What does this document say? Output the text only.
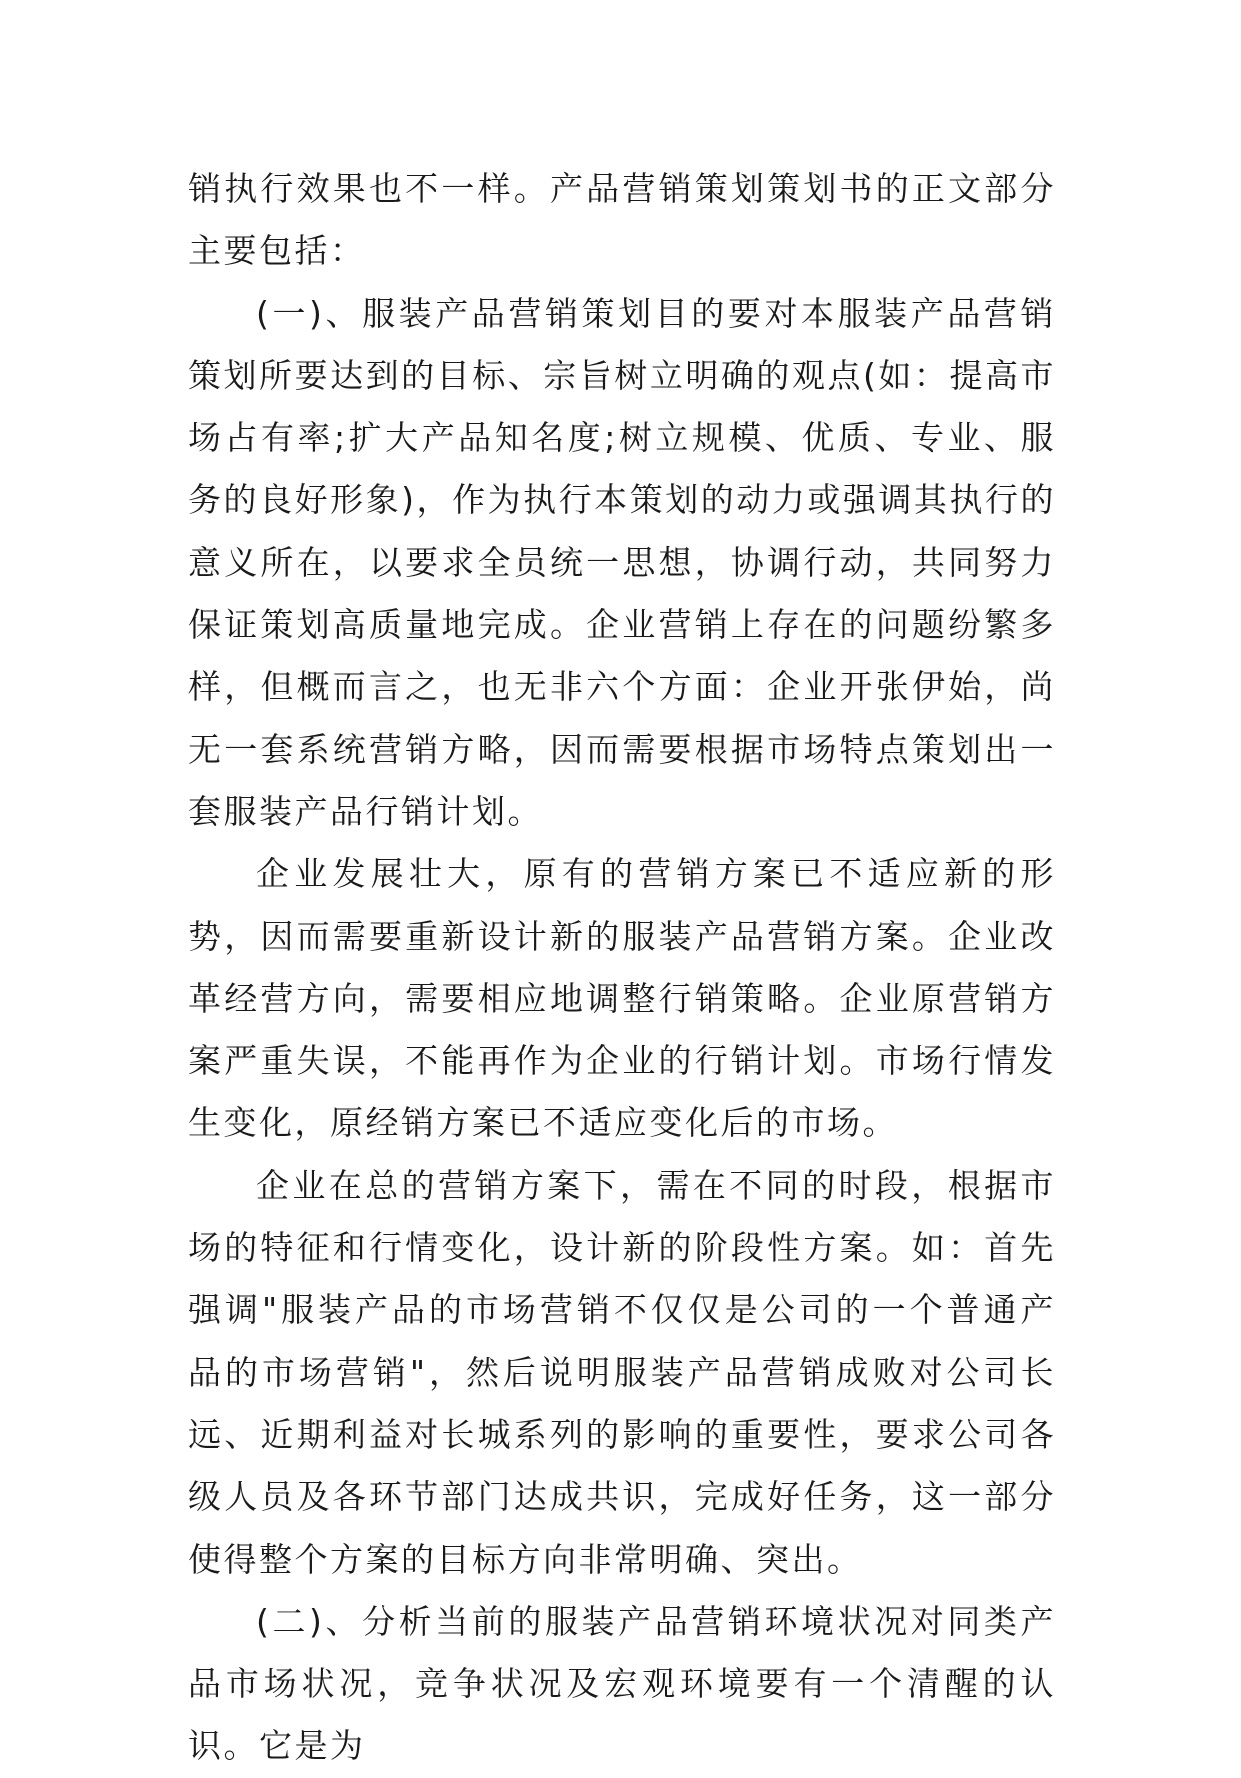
销执行效果也不一样。产品营销策划策划书的正文部分主要包括：

(一)、服装产品营销策划目的要对本服装产品营销策划所要达到的目标、宗旨树立明确的观点(如：提高市场占有率;扩大产品知名度;树立规模、优质、专业、服务的良好形象)，作为执行本策划的动力或强调其执行的意义所在，以要求全员统一思想，协调行动，共同努力保证策划高质量地完成。企业营销上存在的问题纷繁多样，但概而言之，也无非六个方面：企业开张伊始，尚无一套系统营销方略，因而需要根据市场特点策划出一套服装产品行销计划。

企业发展壮大，原有的营销方案已不适应新的形势，因而需要重新设计新的服装产品营销方案。企业改革经营方向，需要相应地调整行销策略。企业原营销方案严重失误，不能再作为企业的行销计划。市场行情发生变化，原经销方案已不适应变化后的市场。

企业在总的营销方案下，需在不同的时段，根据市场的特征和行情变化，设计新的阶段性方案。如：首先强调"服装产品的市场营销不仅仅是公司的一个普通产品的市场营销"，然后说明服装产品营销成败对公司长远、近期利益对长城系列的影响的重要性，要求公司各级人员及各环节部门达成共识，完成好任务，这一部分使得整个方案的目标方向非常明确、突出。

(二)、分析当前的服装产品营销环境状况对同类产品市场状况，竞争状况及宏观环境要有一个清醒的认识。它是为
